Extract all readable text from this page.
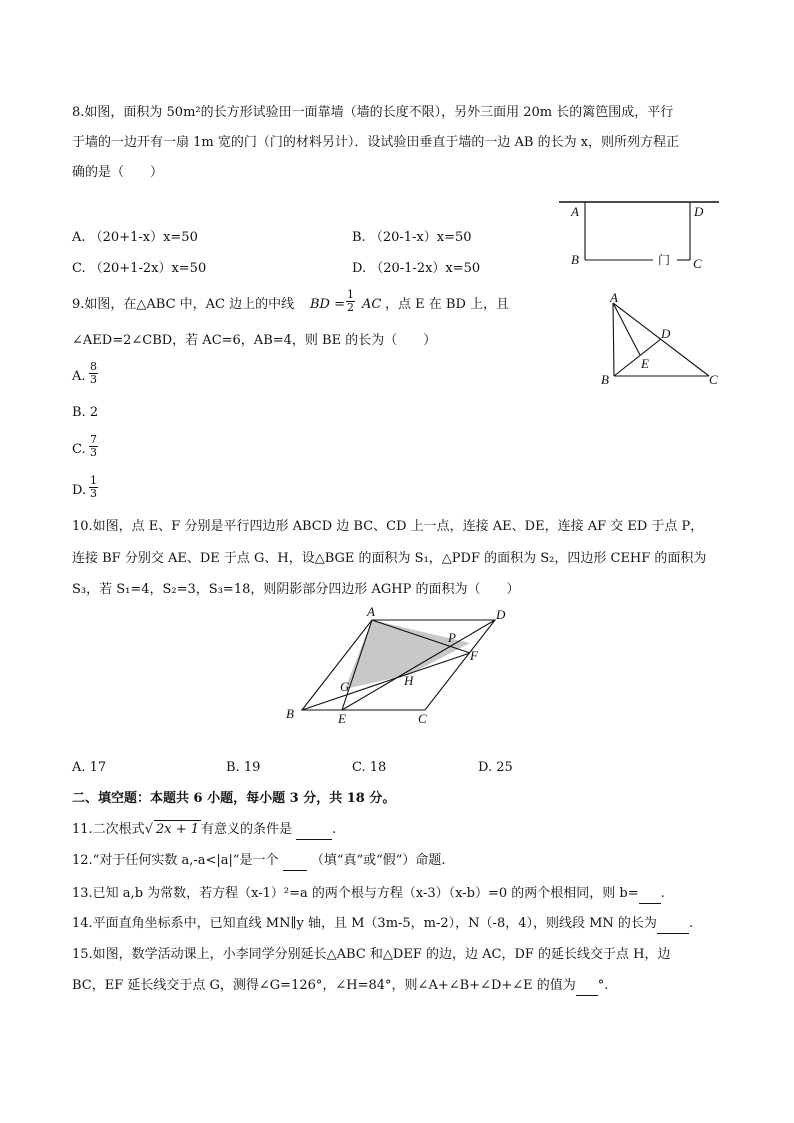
8.如图，面积为 50m²的长方形试验田一面靠墙（墙的长度不限），另外三面用 20m 长的篱笆围成，平行
于墙的一边开有一扇 1m 宽的门（门的材料另计）．设试验田垂直于墙的一边 AB 的长为 x，则所列方程正
确的是（　　）
A. （20+1-x）x=50	B. （20-1-x）x=50
C. （20+1-2x）x=50	D. （20-1-2x）x=50
A	D
B	C
门
9.如图，在△ABC 中，AC 边上的中线 BD = $\frac{1}{2}$ AC ，点 E 在 BD 上，且
∠AED=2∠CBD，若 AC=6，AB=4，则 BE 的长为（　　）
A. $\frac{8}{3}$
B. 2
C. $\frac{7}{3}$
D. $\frac{1}{3}$
A
D
E
B	C
10.如图，点 E、F 分别是平行四边形 ABCD 边 BC、CD 上一点，连接 AE、DE，连接 AF 交 ED 于点 P，
连接 BF 分别交 AE、DE 于点 G、H，设△BGE 的面积为 S₁，△PDF 的面积为 S₂，四边形 CEHF 的面积为
S₃，若 S₁=4，S₂=3，S₃=18，则阴影部分四边形 AGHP 的面积为（　　）
A	D
P
F
G	H
B	E	C
A. 17	B. 19	C. 18	D. 25
二、填空题：本题共 6 小题，每小题 3 分，共 18 分。
11.二次根式√ 2x + 1 有意义的条件是	.
12.“对于任何实数 a,-a<|a|”是一个 （填“真”或“假”）命题.
13.已知 a,b 为常数，若方程（x-1）²=a 的两个根与方程（x-3）（x-b）=0 的两个根相同，则 b= .
14.平面直角坐标系中，已知直线 MN∥y 轴，且 M（3m-5，m-2），N（-8，4），则线段 MN 的长为 .
15.如图，数学活动课上，小李同学分别延长△ABC 和△DEF 的边，边 AC，DF 的延长线交于点 H，边
BC，EF 延长线交于点 G，测得∠G=126°，∠H=84°，则∠A+∠B+∠D+∠E 的值为 °.
